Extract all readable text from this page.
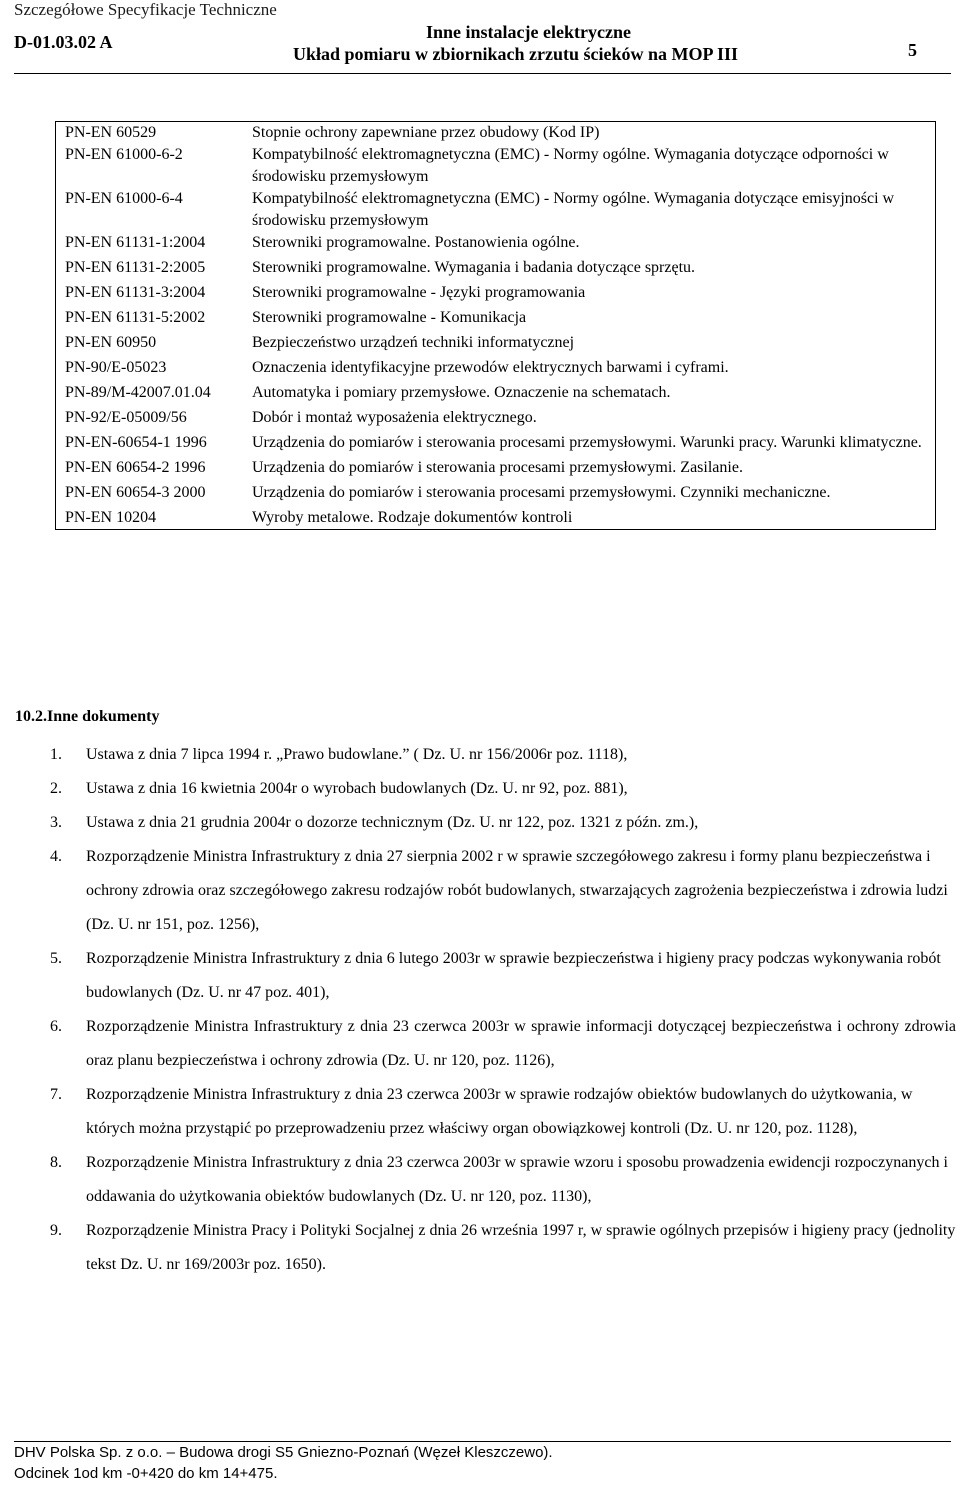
Szczegółowe Specyfikacje Techniczne
D-01.03.02 A	Inne instalacje elektryczne
Układ pomiaru w zbiornikach zrzutu ścieków na MOP III	5
PN-EN 60529	Stopnie ochrony zapewniane przez obudowy (Kod IP)
PN-EN 61000-6-2	Kompatybilność elektromagnetyczna (EMC) - Normy ogólne. Wymagania dotyczące odporności w środowisku przemysłowym
PN-EN 61000-6-4	Kompatybilność elektromagnetyczna (EMC) - Normy ogólne. Wymagania dotyczące emisyjności w środowisku przemysłowym
PN-EN 61131-1:2004	Sterowniki programowalne. Postanowienia ogólne.
PN-EN 61131-2:2005	Sterowniki programowalne. Wymagania i badania dotyczące sprzętu.
PN-EN 61131-3:2004	Sterowniki programowalne - Języki programowania
PN-EN 61131-5:2002	Sterowniki programowalne - Komunikacja
PN-EN 60950	Bezpieczeństwo urządzeń techniki informatycznej
PN-90/E-05023	Oznaczenia identyfikacyjne przewodów elektrycznych barwami i cyframi.
PN-89/M-42007.01.04	Automatyka i pomiary przemysłowe. Oznaczenie na schematach.
PN-92/E-05009/56	Dobór i montaż wyposażenia elektrycznego.
PN-EN-60654-1 1996	Urządzenia do pomiarów i sterowania procesami przemysłowymi. Warunki pracy. Warunki klimatyczne.
PN-EN 60654-2 1996	Urządzenia do pomiarów i sterowania procesami przemysłowymi. Zasilanie.
PN-EN 60654-3 2000	Urządzenia do pomiarów i sterowania procesami przemysłowymi. Czynniki mechaniczne.
PN-EN 10204	Wyroby metalowe. Rodzaje dokumentów kontroli
10.2.Inne dokumenty
1. Ustawa z dnia 7 lipca 1994 r. „Prawo budowlane.” ( Dz. U. nr 156/2006r poz. 1118),
2. Ustawa z dnia 16 kwietnia 2004r o wyrobach budowlanych (Dz. U. nr 92, poz. 881),
3. Ustawa z dnia 21 grudnia 2004r o dozorze technicznym (Dz. U. nr 122, poz. 1321 z późn. zm.),
4. Rozporządzenie Ministra Infrastruktury z dnia 27 sierpnia 2002 r w sprawie szczegółowego zakresu i formy planu bezpieczeństwa i ochrony zdrowia oraz szczegółowego zakresu rodzajów robót budowlanych, stwarzających zagrożenia bezpieczeństwa i zdrowia ludzi (Dz. U. nr 151, poz. 1256),
5. Rozporządzenie Ministra Infrastruktury z dnia 6 lutego 2003r w sprawie bezpieczeństwa i higieny pracy podczas wykonywania robót budowlanych (Dz. U. nr 47 poz. 401),
6. Rozporządzenie Ministra Infrastruktury z dnia 23 czerwca 2003r w sprawie informacji dotyczącej bezpieczeństwa i ochrony zdrowia oraz planu bezpieczeństwa i ochrony zdrowia (Dz. U. nr 120, poz. 1126),
7. Rozporządzenie Ministra Infrastruktury z dnia 23 czerwca 2003r w sprawie rodzajów obiektów budowlanych do użytkowania, w których można przystąpić po przeprowadzeniu przez właściwy organ obowiązkowej kontroli (Dz. U. nr 120, poz. 1128),
8. Rozporządzenie Ministra Infrastruktury z dnia 23 czerwca 2003r w sprawie wzoru i sposobu prowadzenia ewidencji rozpoczynanych i oddawania do użytkowania obiektów budowlanych (Dz. U. nr 120, poz. 1130),
9. Rozporządzenie Ministra Pracy i Polityki Socjalnej z dnia 26 września 1997 r, w sprawie ogólnych przepisów i higieny pracy (jednolity tekst Dz. U. nr 169/2003r poz. 1650).
DHV Polska Sp. z o.o. – Budowa drogi S5 Gniezno-Poznań (Węzeł Kleszczewo).
Odcinek 1od km -0+420 do km 14+475.
